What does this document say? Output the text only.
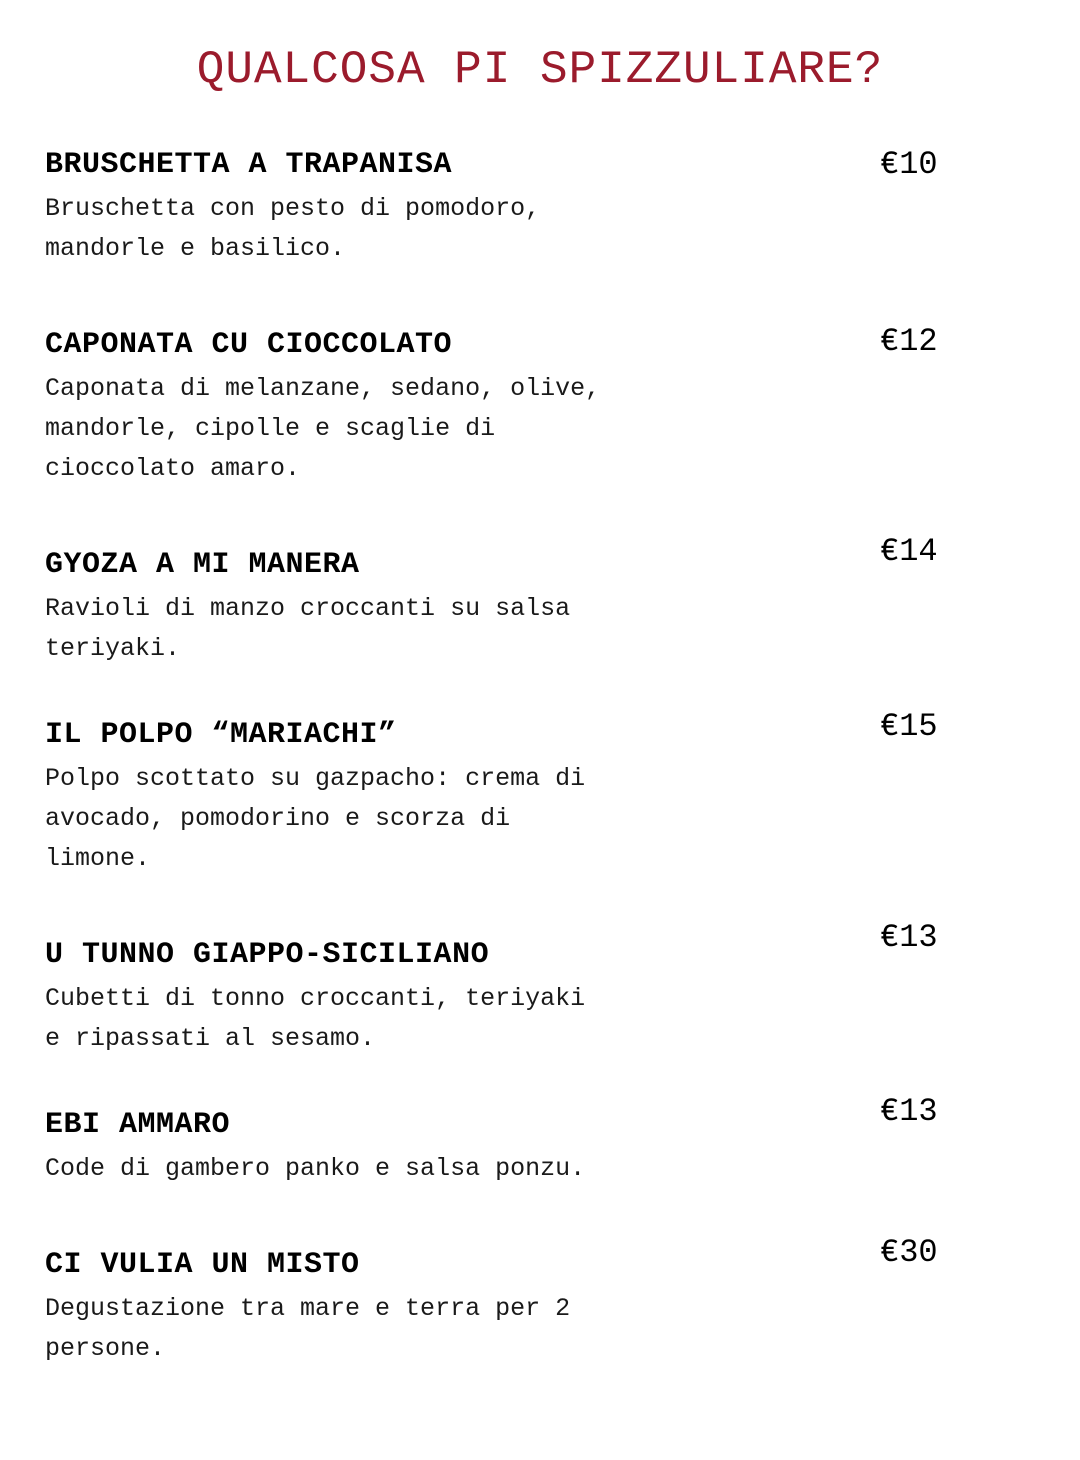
QUALCOSA PI SPIZZULIARE?
BRUSCHETTA A TRAPANISA
Bruschetta con pesto di pomodoro,
mandorle e basilico.
€10
CAPONATA CU CIOCCOLATO
Caponata di melanzane, sedano, olive,
mandorle, cipolle e scaglie di
cioccolato amaro.
€12
GYOZA A MI MANERA
Ravioli di manzo croccanti su salsa
teriyaki.
€14
IL POLPO “MARIACHI”
Polpo scottato su gazpacho: crema di
avocado, pomodorino e scorza di
limone.
€15
U TUNNO GIAPPO-SICILIANO
Cubetti di tonno croccanti, teriyaki
e ripassati al sesamo.
€13
EBI AMMARO
Code di gambero panko e salsa ponzu.
€13
CI VULIA UN MISTO
Degustazione tra mare e terra per 2
persone.
€30
